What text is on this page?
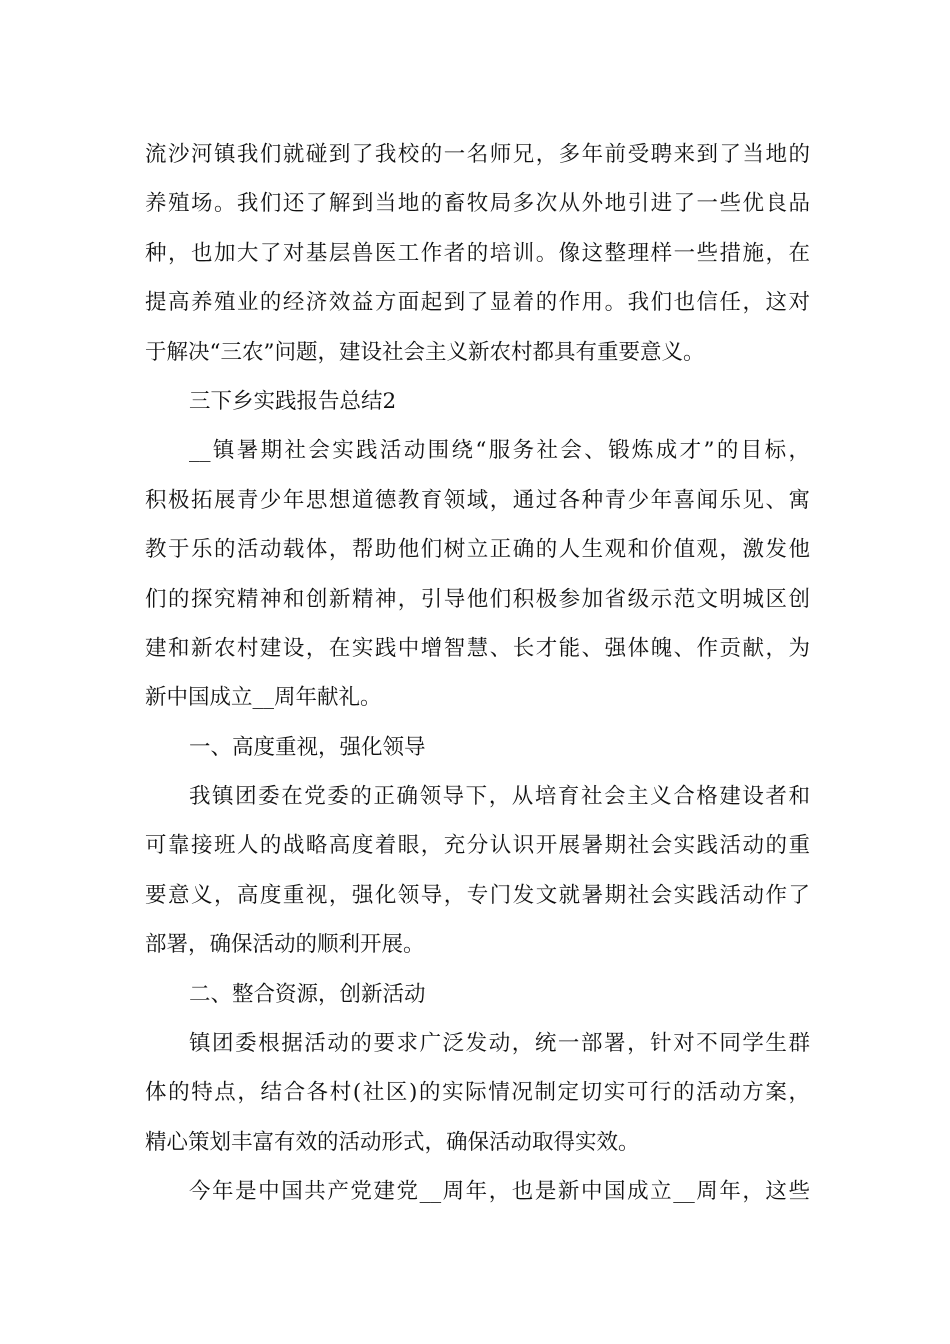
流沙河镇我们就碰到了我校的一名师兄，多年前受聘来到了当地的
养殖场。我们还了解到当地的畜牧局多次从外地引进了一些优良品
种，也加大了对基层兽医工作者的培训。像这整理样一些措施，在
提高养殖业的经济效益方面起到了显着的作用。我们也信任，这对
于解决“三农”问题，建设社会主义新农村都具有重要意义。
三下乡实践报告总结2
__镇暑期社会实践活动围绕“服务社会、锻炼成才”的目标，
积极拓展青少年思想道德教育领域，通过各种青少年喜闻乐见、寓
教于乐的活动载体，帮助他们树立正确的人生观和价值观，激发他
们的探究精神和创新精神，引导他们积极参加省级示范文明城区创
建和新农村建设，在实践中增智慧、长才能、强体魄、作贡献，为
新中国成立__周年献礼。
一、高度重视，强化领导
我镇团委在党委的正确领导下，从培育社会主义合格建设者和
可靠接班人的战略高度着眼，充分认识开展暑期社会实践活动的重
要意义，高度重视，强化领导，专门发文就暑期社会实践活动作了
部署，确保活动的顺利开展。
二、整合资源，创新活动
镇团委根据活动的要求广泛发动，统一部署，针对不同学生群
体的特点，结合各村(社区)的实际情况制定切实可行的活动方案，
精心策划丰富有效的活动形式，确保活动取得实效。
今年是中国共产党建党__周年，也是新中国成立__周年，这些
